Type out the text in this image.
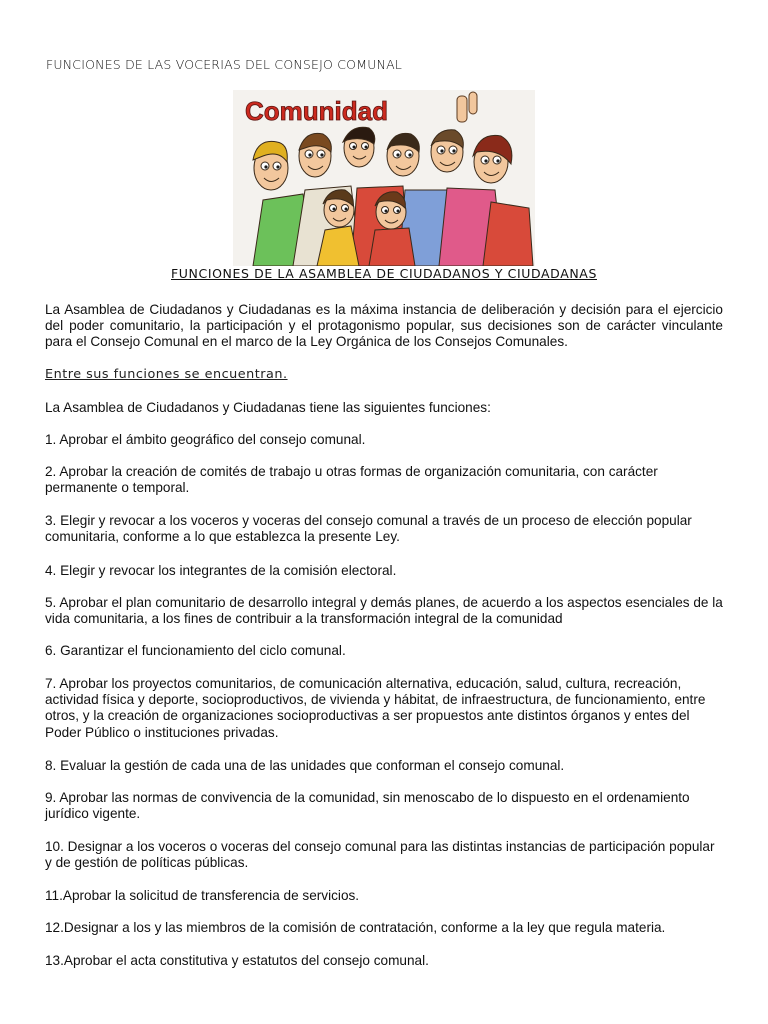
FUNCIONES DE LAS VOCERIAS DEL CONSEJO COMUNAL
Comunidad
FUNCIONES DE LA ASAMBLEA DE CIUDADANOS Y CIUDADANAS
La Asamblea de Ciudadanos y Ciudadanas es la máxima instancia de deliberación y decisión para el ejercicio del poder comunitario, la participación y el protagonismo popular, sus decisiones son de carácter vinculante para el Consejo Comunal en el marco de la Ley Orgánica de los Consejos Comunales.
Entre sus funciones se encuentran.
La Asamblea de Ciudadanos y Ciudadanas tiene las siguientes funciones:
1. Aprobar el ámbito geográfico del consejo comunal.
2. Aprobar la creación de comités de trabajo u otras formas de organización comunitaria, con carácter permanente o temporal.
3. Elegir y revocar a los voceros y voceras del consejo comunal a través de un proceso de elección popular comunitaria, conforme a lo que establezca la presente Ley.
4. Elegir y revocar los integrantes de la comisión electoral.
5. Aprobar el plan comunitario de desarrollo integral y demás planes, de acuerdo a los aspectos esenciales de la vida comunitaria, a los fines de contribuir a la transformación integral de la comunidad
6. Garantizar el funcionamiento del ciclo comunal.
7. Aprobar los proyectos comunitarios, de comunicación alternativa, educación, salud, cultura, recreación, actividad física y deporte, socioproductivos, de vivienda y hábitat, de infraestructura, de funcionamiento, entre otros, y la creación de organizaciones socioproductivas a ser propuestos ante distintos órganos y entes del Poder Público o instituciones privadas.
8. Evaluar la gestión de cada una de las unidades que conforman el consejo comunal.
9. Aprobar las normas de convivencia de la comunidad, sin menoscabo de lo dispuesto en el ordenamiento jurídico vigente.
10. Designar a los voceros o voceras del consejo comunal para las distintas instancias de participación popular y de gestión de políticas públicas.
11.Aprobar la solicitud de transferencia de servicios.
12.Designar a los y las miembros de la comisión de contratación, conforme a la ley que regula materia.
13.Aprobar el acta constitutiva y estatutos del consejo comunal.
